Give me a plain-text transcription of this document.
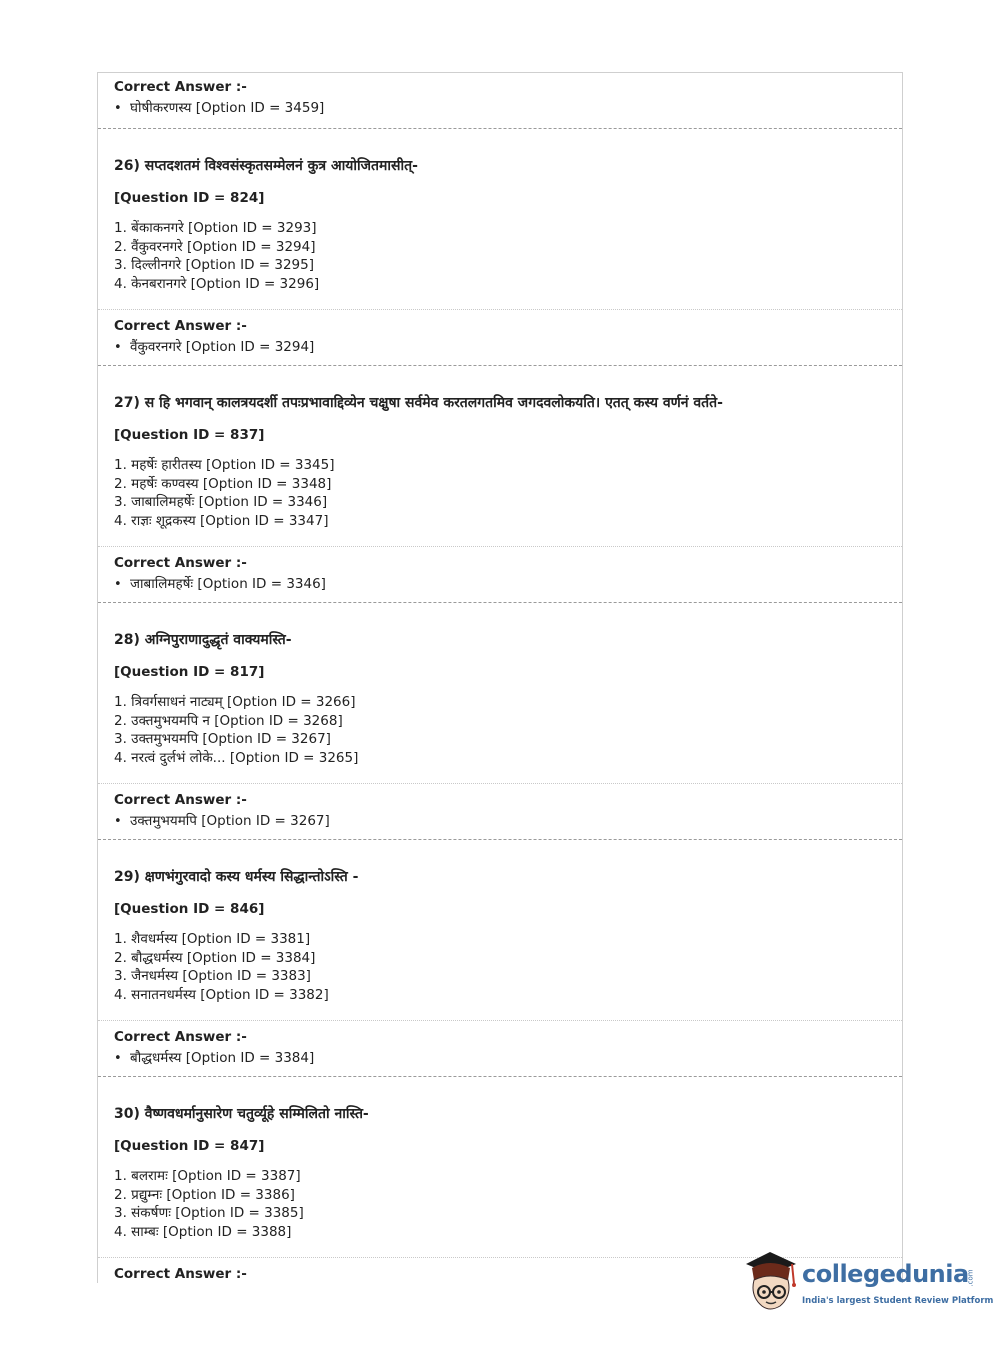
Correct Answer :-
• घोषीकरणस्य [Option ID = 3459]
26) सप्तदशतमं विश्वसंस्कृतसम्मेलनं कुत्र आयोजितमासीत्-
[Question ID = 824]
1. बेंकाकनगरे [Option ID = 3293]
2. वैंकुवरनगरे [Option ID = 3294]
3. दिल्लीनगरे [Option ID = 3295]
4. केनबरानगरे [Option ID = 3296]
Correct Answer :-
• वैंकुवरनगरे [Option ID = 3294]
27) स हि भगवान् कालत्रयदर्शी तपःप्रभावाद्दिव्येन चक्षुषा सर्वमेव करतलगतमिव जगदवलोकयति। एतत् कस्य वर्णनं वर्तते-
[Question ID = 837]
1. महर्षेः हारीतस्य [Option ID = 3345]
2. महर्षेः कण्वस्य [Option ID = 3348]
3. जाबालिमहर्षेः [Option ID = 3346]
4. राज्ञः शूद्रकस्य [Option ID = 3347]
Correct Answer :-
• जाबालिमहर्षेः [Option ID = 3346]
28) अग्निपुराणादुद्धृतं वाक्यमस्ति-
[Question ID = 817]
1. त्रिवर्गसाधनं नाट्यम् [Option ID = 3266]
2. उक्तमुभयमपि न [Option ID = 3268]
3. उक्तमुभयमपि [Option ID = 3267]
4. नरत्वं दुर्लभं लोके... [Option ID = 3265]
Correct Answer :-
• उक्तमुभयमपि [Option ID = 3267]
29) क्षणभंगुरवादो कस्य धर्मस्य सिद्धान्तोऽस्ति -
[Question ID = 846]
1. शैवधर्मस्य [Option ID = 3381]
2. बौद्धधर्मस्य [Option ID = 3384]
3. जैनधर्मस्य [Option ID = 3383]
4. सनातनधर्मस्य [Option ID = 3382]
Correct Answer :-
• बौद्धधर्मस्य [Option ID = 3384]
30) वैष्णवधर्मानुसारेण चतुर्व्यूहे सम्मिलितो नास्ति-
[Question ID = 847]
1. बलरामः [Option ID = 3387]
2. प्रद्युम्नः [Option ID = 3386]
3. संकर्षणः [Option ID = 3385]
4. साम्बः [Option ID = 3388]
Correct Answer :-	collegedunia
.com
India's largest Student Review Platform
